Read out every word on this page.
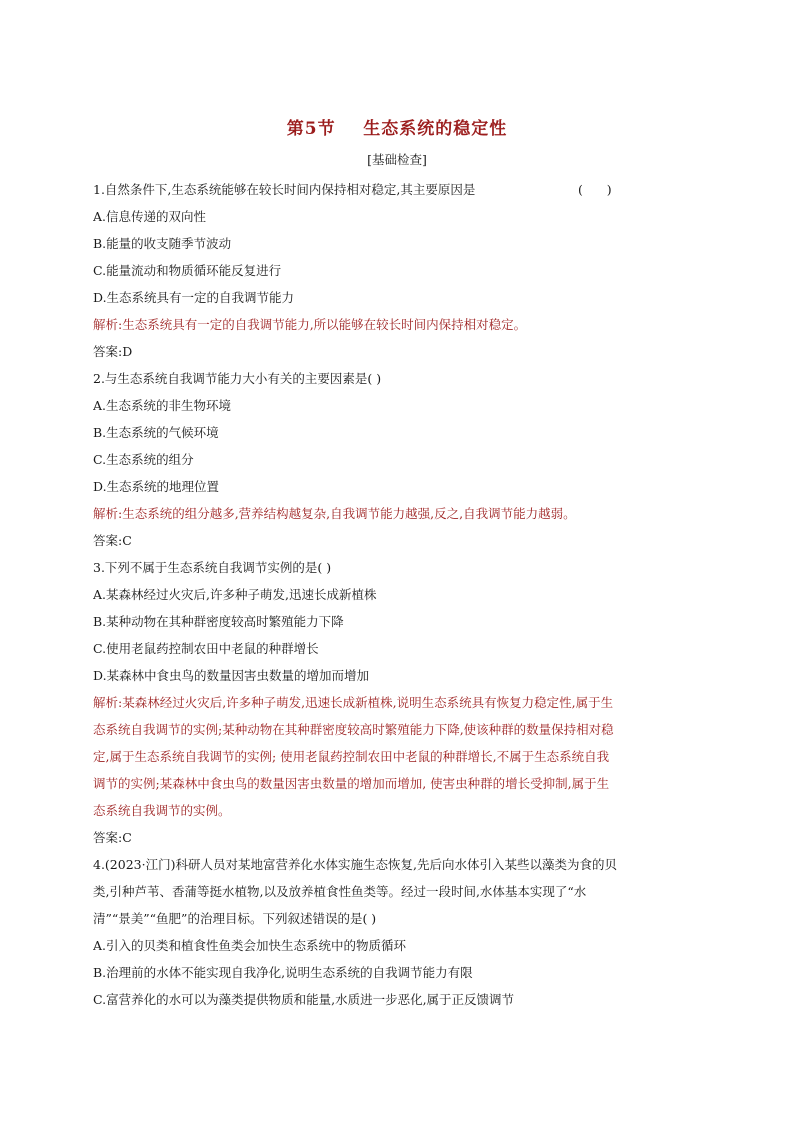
第5节    生态系统的稳定性
[基础检查]
1.自然条件下,生态系统能够在较长时间内保持相对稳定,其主要原因是	(      )
A.信息传递的双向性
B.能量的收支随季节波动
C.能量流动和物质循环能反复进行
D.生态系统具有一定的自我调节能力
解析:生态系统具有一定的自我调节能力,所以能够在较长时间内保持相对稳定。
答案:D
2.与生态系统自我调节能力大小有关的主要因素是( )
A.生态系统的非生物环境
B.生态系统的气候环境
C.生态系统的组分
D.生态系统的地理位置
解析:生态系统的组分越多,营养结构越复杂,自我调节能力越强,反之,自我调节能力越弱。
答案:C
3.下列不属于生态系统自我调节实例的是( )
A.某森林经过火灾后,许多种子萌发,迅速长成新植株
B.某种动物在其种群密度较高时繁殖能力下降
C.使用老鼠药控制农田中老鼠的种群增长
D.某森林中食虫鸟的数量因害虫数量的增加而增加
解析:某森林经过火灾后,许多种子萌发,迅速长成新植株,说明生态系统具有恢复力稳定性,属于生
态系统自我调节的实例;某种动物在其种群密度较高时繁殖能力下降,使该种群的数量保持相对稳
定,属于生态系统自我调节的实例; 使用老鼠药控制农田中老鼠的种群增长,不属于生态系统自我
调节的实例;某森林中食虫鸟的数量因害虫数量的增加而增加, 使害虫种群的增长受抑制,属于生
态系统自我调节的实例。
答案:C
4.(2023·江门)科研人员对某地富营养化水体实施生态恢复,先后向水体引入某些以藻类为食的贝
类,引种芦苇、香蒲等挺水植物,以及放养植食性鱼类等。经过一段时间,水体基本实现了“水
清”“景美”“鱼肥”的治理目标。下列叙述错误的是( )
A.引入的贝类和植食性鱼类会加快生态系统中的物质循环
B.治理前的水体不能实现自我净化,说明生态系统的自我调节能力有限
C.富营养化的水可以为藻类提供物质和能量,水质进一步恶化,属于正反馈调节
